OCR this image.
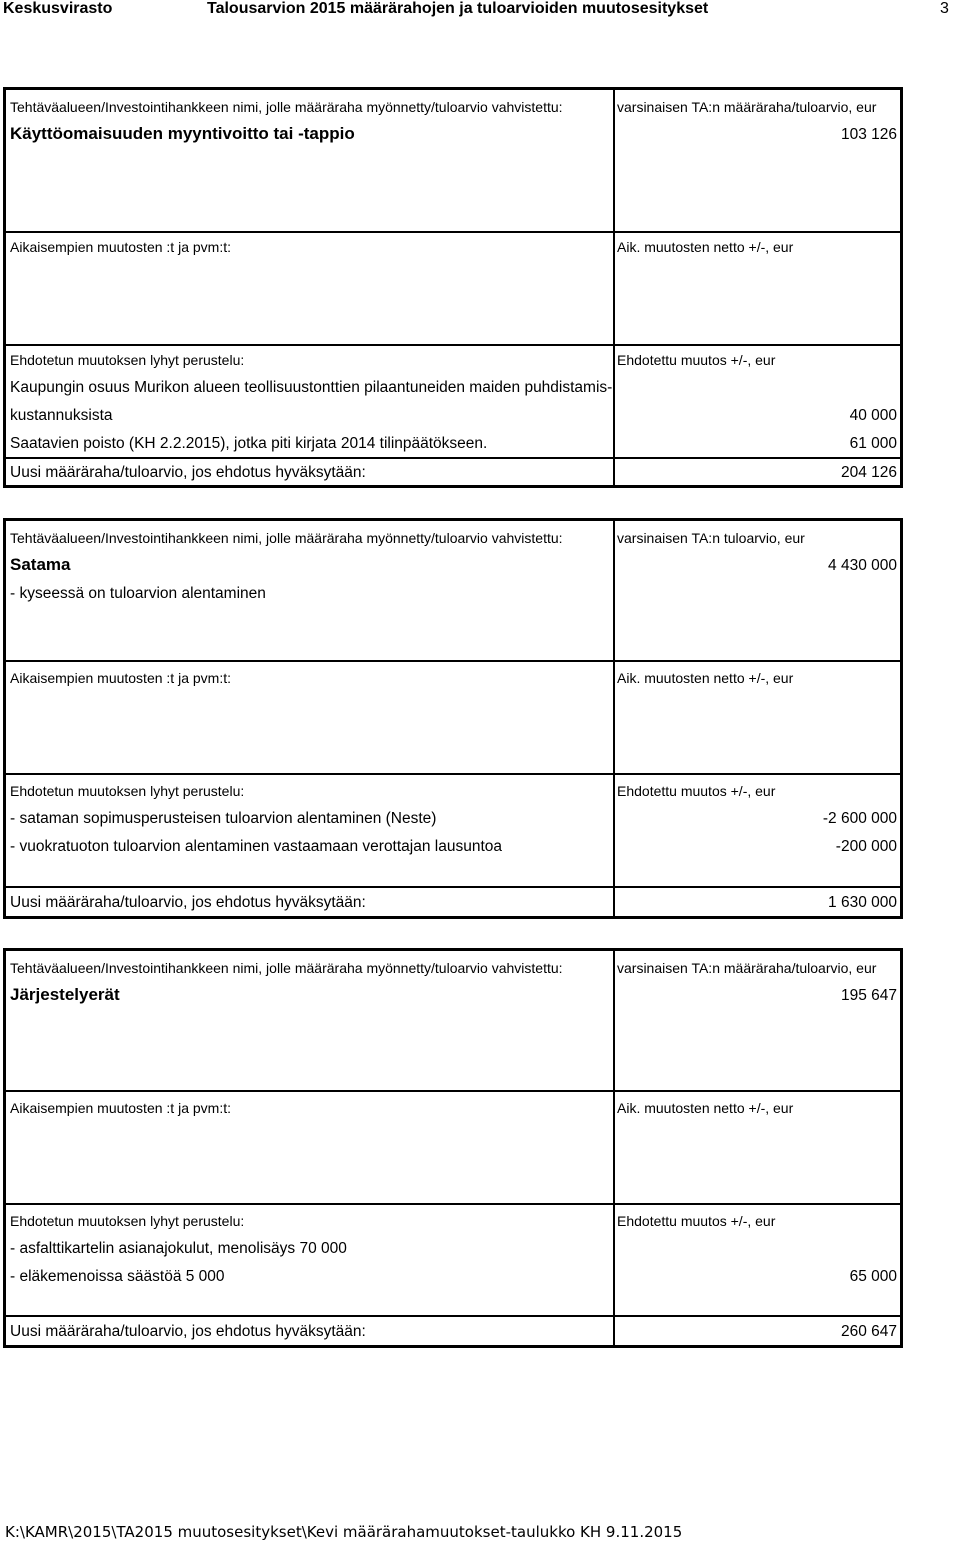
Keskusvirasto	Talousarvion 2015 määrärahojen ja tuloarvioiden muutosesitykset	3
Tehtäväalueen/Investointihankkeen nimi, jolle määräraha myönnetty/tuloarvio vahvistettu:	varsinaisen TA:n määräraha/tuloarvio, eur
Käyttöomaisuuden myyntivoitto tai -tappio	103 126
Aikaisempien muutosten :t ja pvm:t:	Aik. muutosten netto +/-, eur
Ehdotetun muutoksen lyhyt perustelu:	Ehdotettu muutos +/-, eur
Kaupungin osuus Murikon alueen teollisuustonttien pilaantuneiden maiden puhdistamis-
kustannuksista	40 000
Saatavien poisto (KH 2.2.2015), jotka piti kirjata 2014 tilinpäätökseen.	61 000
Uusi määräraha/tuloarvio, jos ehdotus hyväksytään:	204 126
Tehtäväalueen/Investointihankkeen nimi, jolle määräraha myönnetty/tuloarvio vahvistettu:	varsinaisen TA:n tuloarvio, eur
Satama	4 430 000
- kyseessä on tuloarvion alentaminen
Aikaisempien muutosten :t ja pvm:t:	Aik. muutosten netto +/-, eur
Ehdotetun muutoksen lyhyt perustelu:	Ehdotettu muutos +/-, eur
- sataman sopimusperusteisen tuloarvion alentaminen (Neste)	-2 600 000
- vuokratuoton tuloarvion alentaminen vastaamaan verottajan lausuntoa	-200 000
Uusi määräraha/tuloarvio, jos ehdotus hyväksytään:	1 630 000
Tehtäväalueen/Investointihankkeen nimi, jolle määräraha myönnetty/tuloarvio vahvistettu:	varsinaisen TA:n määräraha/tuloarvio, eur
Järjestelyerät	195 647
Aikaisempien muutosten :t ja pvm:t:	Aik. muutosten netto +/-, eur
Ehdotetun muutoksen lyhyt perustelu:	Ehdotettu muutos +/-, eur
- asfalttikartelin asianajokulut, menolisäys 70 000
- eläkemenoissa säästöä 5 000	65 000
Uusi määräraha/tuloarvio, jos ehdotus hyväksytään:	260 647
K:\KAMR\2015\TA2015 muutosesitykset\Kevi määrärahamuutokset-taulukko KH 9.11.2015
